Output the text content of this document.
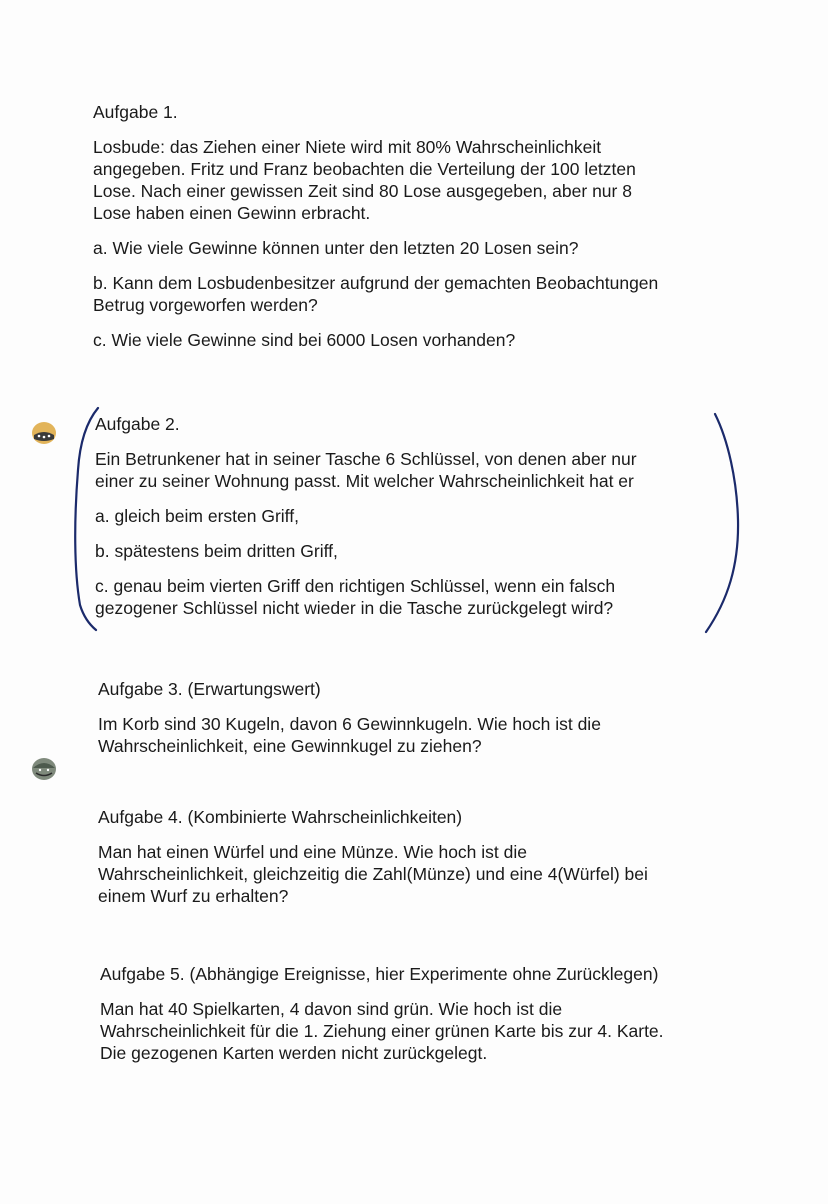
Aufgabe 1.
Losbude: das Ziehen einer Niete wird mit 80% Wahrscheinlichkeit
angegeben. Fritz und Franz beobachten die Verteilung der 100 letzten
Lose. Nach einer gewissen Zeit sind 80 Lose ausgegeben, aber nur 8
Lose haben einen Gewinn erbracht.
a. Wie viele Gewinne können unter den letzten 20 Losen sein?
b. Kann dem Losbudenbesitzer aufgrund der gemachten Beobachtungen
Betrug vorgeworfen werden?
c. Wie viele Gewinne sind bei 6000 Losen vorhanden?
Aufgabe 2.
Ein Betrunkener hat in seiner Tasche 6 Schlüssel, von denen aber nur
einer zu seiner Wohnung passt. Mit welcher Wahrscheinlichkeit hat er
a. gleich beim ersten Griff,
b. spätestens beim dritten Griff,
c. genau beim vierten Griff den richtigen Schlüssel, wenn ein falsch
gezogener Schlüssel nicht wieder in die Tasche zurückgelegt wird?
Aufgabe 3. (Erwartungswert)
Im Korb sind 30 Kugeln, davon 6 Gewinnkugeln. Wie hoch ist die
Wahrscheinlichkeit, eine Gewinnkugel zu ziehen?
Aufgabe 4. (Kombinierte Wahrscheinlichkeiten)
Man hat einen Würfel und eine Münze. Wie hoch ist die
Wahrscheinlichkeit, gleichzeitig die Zahl(Münze) und eine 4(Würfel) bei
einem Wurf zu erhalten?
Aufgabe 5. (Abhängige Ereignisse, hier Experimente ohne Zurücklegen)
Man hat 40 Spielkarten, 4 davon sind grün. Wie hoch ist die
Wahrscheinlichkeit für die 1. Ziehung einer grünen Karte bis zur 4. Karte.
Die gezogenen Karten werden nicht zurückgelegt.
